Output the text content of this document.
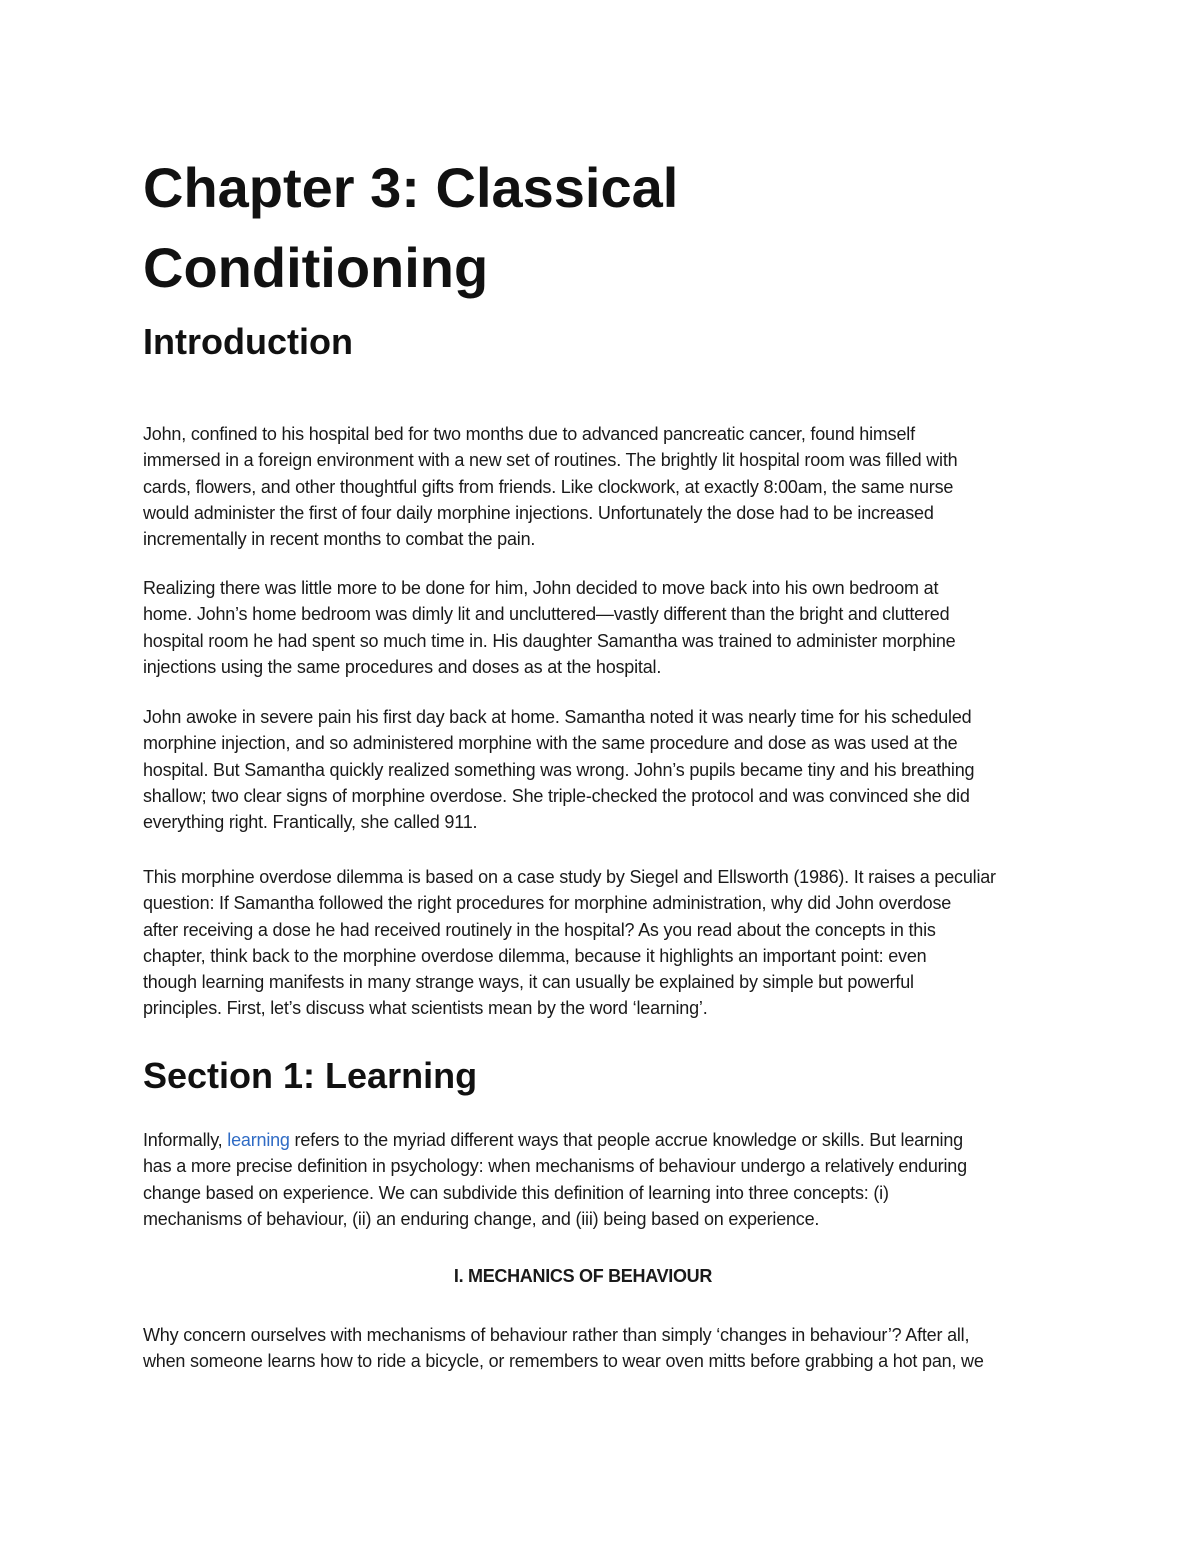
Chapter 3: Classical
Conditioning
Introduction

John, confined to his hospital bed for two months due to advanced pancreatic cancer, found himself
immersed in a foreign environment with a new set of routines. The brightly lit hospital room was filled with
cards, flowers, and other thoughtful gifts from friends. Like clockwork, at exactly 8:00am, the same nurse
would administer the first of four daily morphine injections. Unfortunately the dose had to be increased
incrementally in recent months to combat the pain.

Realizing there was little more to be done for him, John decided to move back into his own bedroom at
home. John’s home bedroom was dimly lit and uncluttered—vastly different than the bright and cluttered
hospital room he had spent so much time in. His daughter Samantha was trained to administer morphine
injections using the same procedures and doses as at the hospital.

John awoke in severe pain his first day back at home. Samantha noted it was nearly time for his scheduled
morphine injection, and so administered morphine with the same procedure and dose as was used at the
hospital. But Samantha quickly realized something was wrong. John’s pupils became tiny and his breathing
shallow; two clear signs of morphine overdose. She triple-checked the protocol and was convinced she did
everything right. Frantically, she called 911.

This morphine overdose dilemma is based on a case study by Siegel and Ellsworth (1986). It raises a peculiar
question: If Samantha followed the right procedures for morphine administration, why did John overdose
after receiving a dose he had received routinely in the hospital? As you read about the concepts in this
chapter, think back to the morphine overdose dilemma, because it highlights an important point: even
though learning manifests in many strange ways, it can usually be explained by simple but powerful
principles. First, let’s discuss what scientists mean by the word ‘learning’.

Section 1: Learning

Informally, learning refers to the myriad different ways that people accrue knowledge or skills. But learning
has a more precise definition in psychology: when mechanisms of behaviour undergo a relatively enduring
change based on experience. We can subdivide this definition of learning into three concepts: (i)
mechanisms of behaviour, (ii) an enduring change, and (iii) being based on experience.

I. MECHANICS OF BEHAVIOUR

Why concern ourselves with mechanisms of behaviour rather than simply ‘changes in behaviour’? After all,
when someone learns how to ride a bicycle, or remembers to wear oven mitts before grabbing a hot pan, we
